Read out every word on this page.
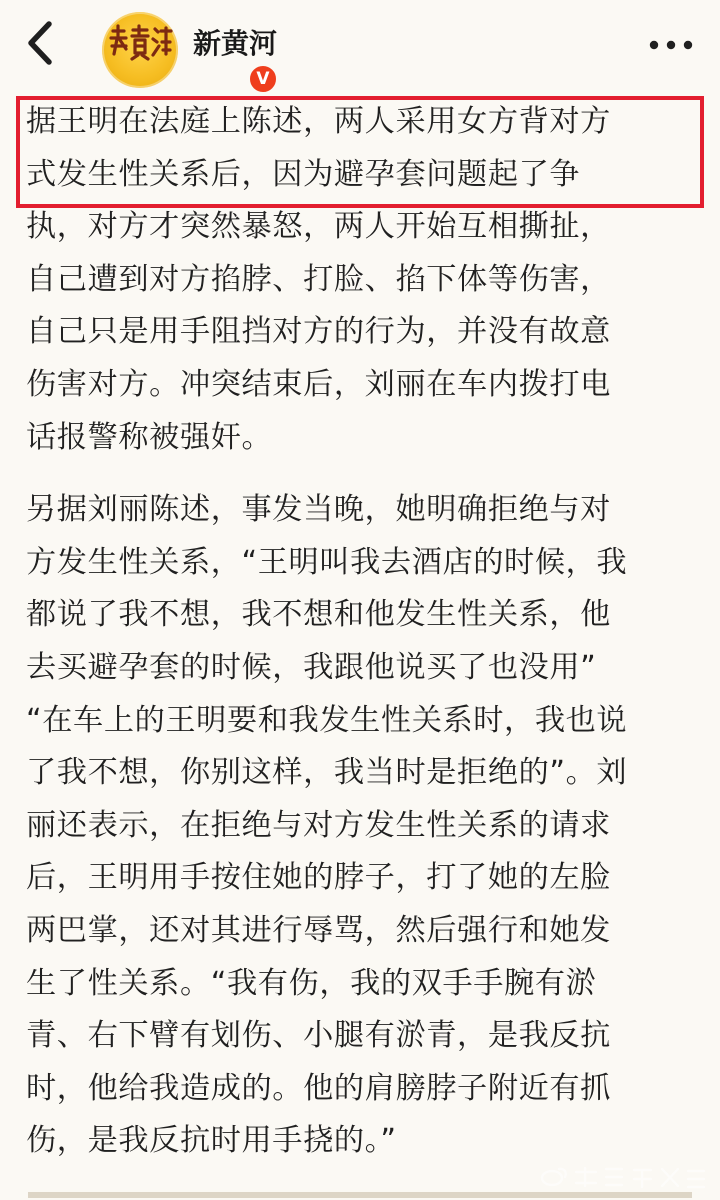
V
新黄河

据王明在法庭上陈述，两人采用女方背对方
式发生性关系后，因为避孕套问题起了争
执，对方才突然暴怒，两人开始互相撕扯，
自己遭到对方掐脖、打脸、掐下体等伤害，
自己只是用手阻挡对方的行为，并没有故意
伤害对方。冲突结束后，刘丽在车内拨打电
话报警称被强奸。

另据刘丽陈述，事发当晚，她明确拒绝与对
方发生性关系，“王明叫我去酒店的时候，我
都说了我不想，我不想和他发生性关系，他
去买避孕套的时候，我跟他说买了也没用”
“在车上的王明要和我发生性关系时，我也说
了我不想，你别这样，我当时是拒绝的”。刘
丽还表示，在拒绝与对方发生性关系的请求
后，王明用手按住她的脖子，打了她的左脸
两巴掌，还对其进行辱骂，然后强行和她发
生了性关系。“我有伤，我的双手手腕有淤
青、右下臂有划伤、小腿有淤青，是我反抗
时，他给我造成的。他的肩膀脖子附近有抓
伤，是我反抗时用手挠的。”
